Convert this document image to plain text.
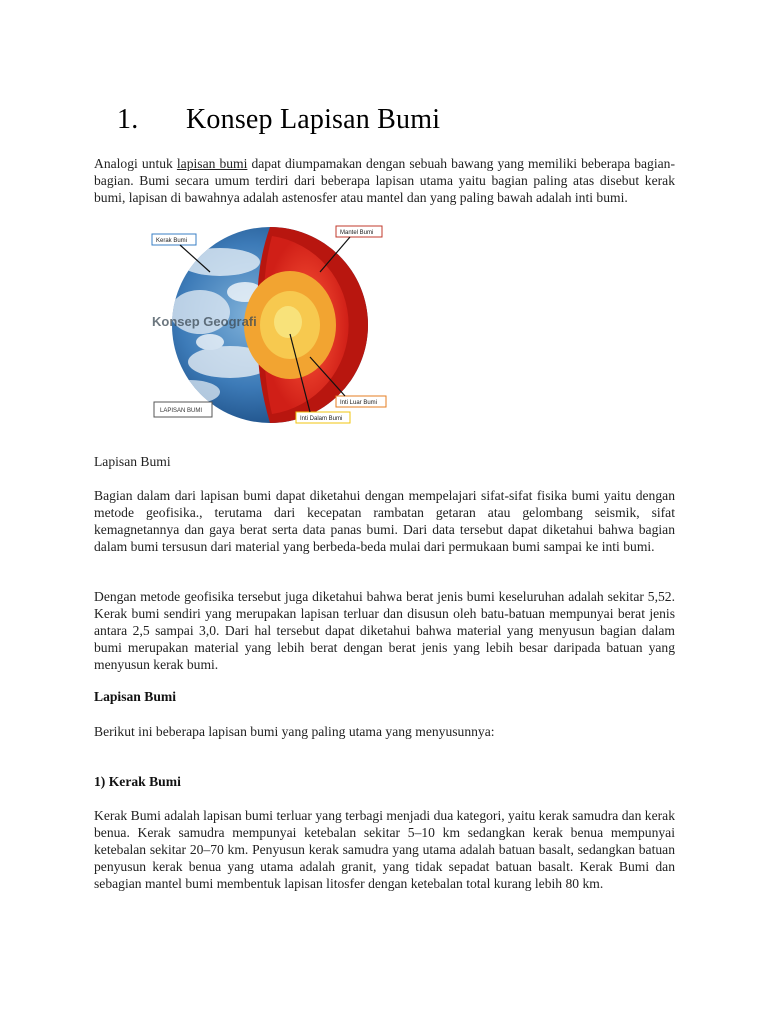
1. Konsep Lapisan Bumi

Analogi untuk lapisan bumi dapat diumpamakan dengan sebuah bawang yang memiliki beberapa bagian-bagian. Bumi secara umum terdiri dari beberapa lapisan utama yaitu bagian paling atas disebut kerak bumi, lapisan di bawahnya adalah astenosfer atau mantel dan yang paling bawah adalah inti bumi.

Konsep Geografi
Kerak Bumi
Mantel Bumi
Inti Luar Bumi
Inti Dalam Bumi
LAPISAN BUMI

Lapisan Bumi

Bagian dalam dari lapisan bumi dapat diketahui dengan mempelajari sifat-sifat fisika bumi yaitu dengan metode geofisika., terutama dari kecepatan rambatan getaran atau gelombang seismik, sifat kemagnetannya dan gaya berat serta data panas bumi. Dari data tersebut dapat diketahui bahwa bagian dalam bumi tersusun dari material yang berbeda-beda mulai dari permukaan bumi sampai ke inti bumi.

Dengan metode geofisika tersebut juga diketahui bahwa berat jenis bumi keseluruhan adalah sekitar 5,52. Kerak bumi sendiri yang merupakan lapisan terluar dan disusun oleh batu-batuan mempunyai berat jenis antara 2,5 sampai 3,0. Dari hal tersebut dapat diketahui bahwa material yang menyusun bagian dalam bumi merupakan material yang lebih berat dengan berat jenis yang lebih besar daripada batuan yang menyusun kerak bumi.

Lapisan Bumi

Berikut ini beberapa lapisan bumi yang paling utama yang menyusunnya:

1) Kerak Bumi

Kerak Bumi adalah lapisan bumi terluar yang terbagi menjadi dua kategori, yaitu kerak samudra dan kerak benua. Kerak samudra mempunyai ketebalan sekitar 5–10 km sedangkan kerak benua mempunyai ketebalan sekitar 20–70 km. Penyusun kerak samudra yang utama adalah batuan basalt, sedangkan batuan penyusun kerak benua yang utama adalah granit, yang tidak sepadat batuan basalt. Kerak Bumi dan sebagian mantel bumi membentuk lapisan litosfer dengan ketebalan total kurang lebih 80 km.
